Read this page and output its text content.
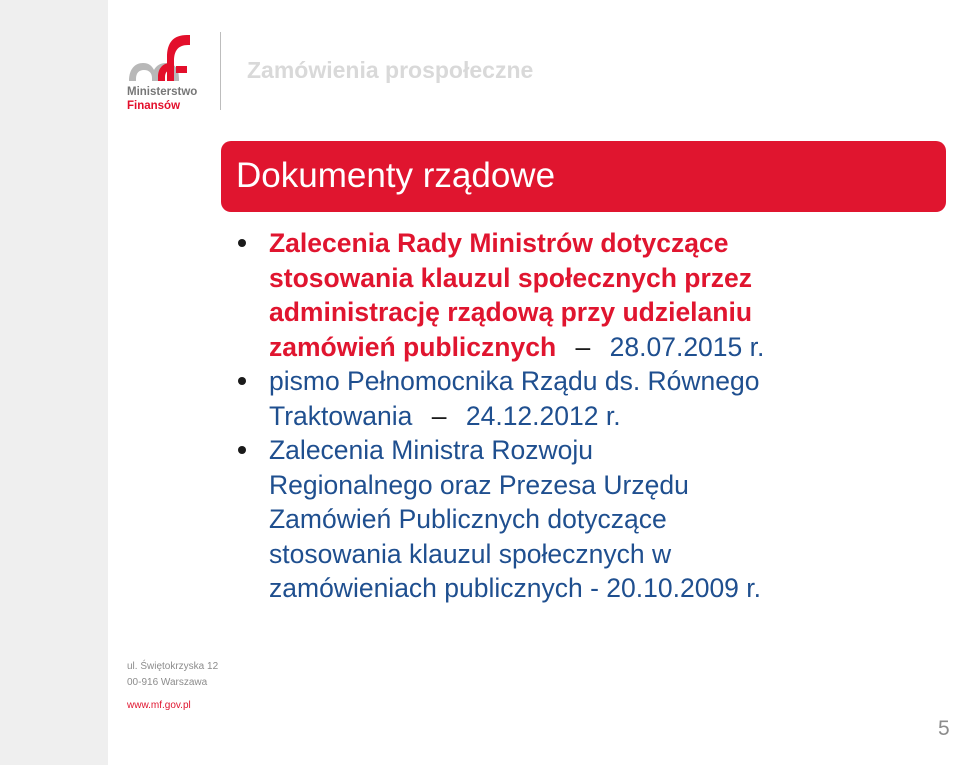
Ministerstwo
Finansów
Zamówienia prospołeczne
Dokumenty rządowe
Zalecenia Rady Ministrów dotyczące
stosowania klauzul społecznych przez
administrację rządową przy udzielaniu
zamówień publicznych – 28.07.2015 r.
pismo Pełnomocnika Rządu ds. Równego
Traktowania – 24.12.2012 r.
Zalecenia Ministra Rozwoju
Regionalnego oraz Prezesa Urzędu
Zamówień Publicznych dotyczące
stosowania klauzul społecznych w
zamówieniach publicznych - 20.10.2009 r.
ul. Świętokrzyska 12
00-916 Warszawa
www.mf.gov.pl
5
